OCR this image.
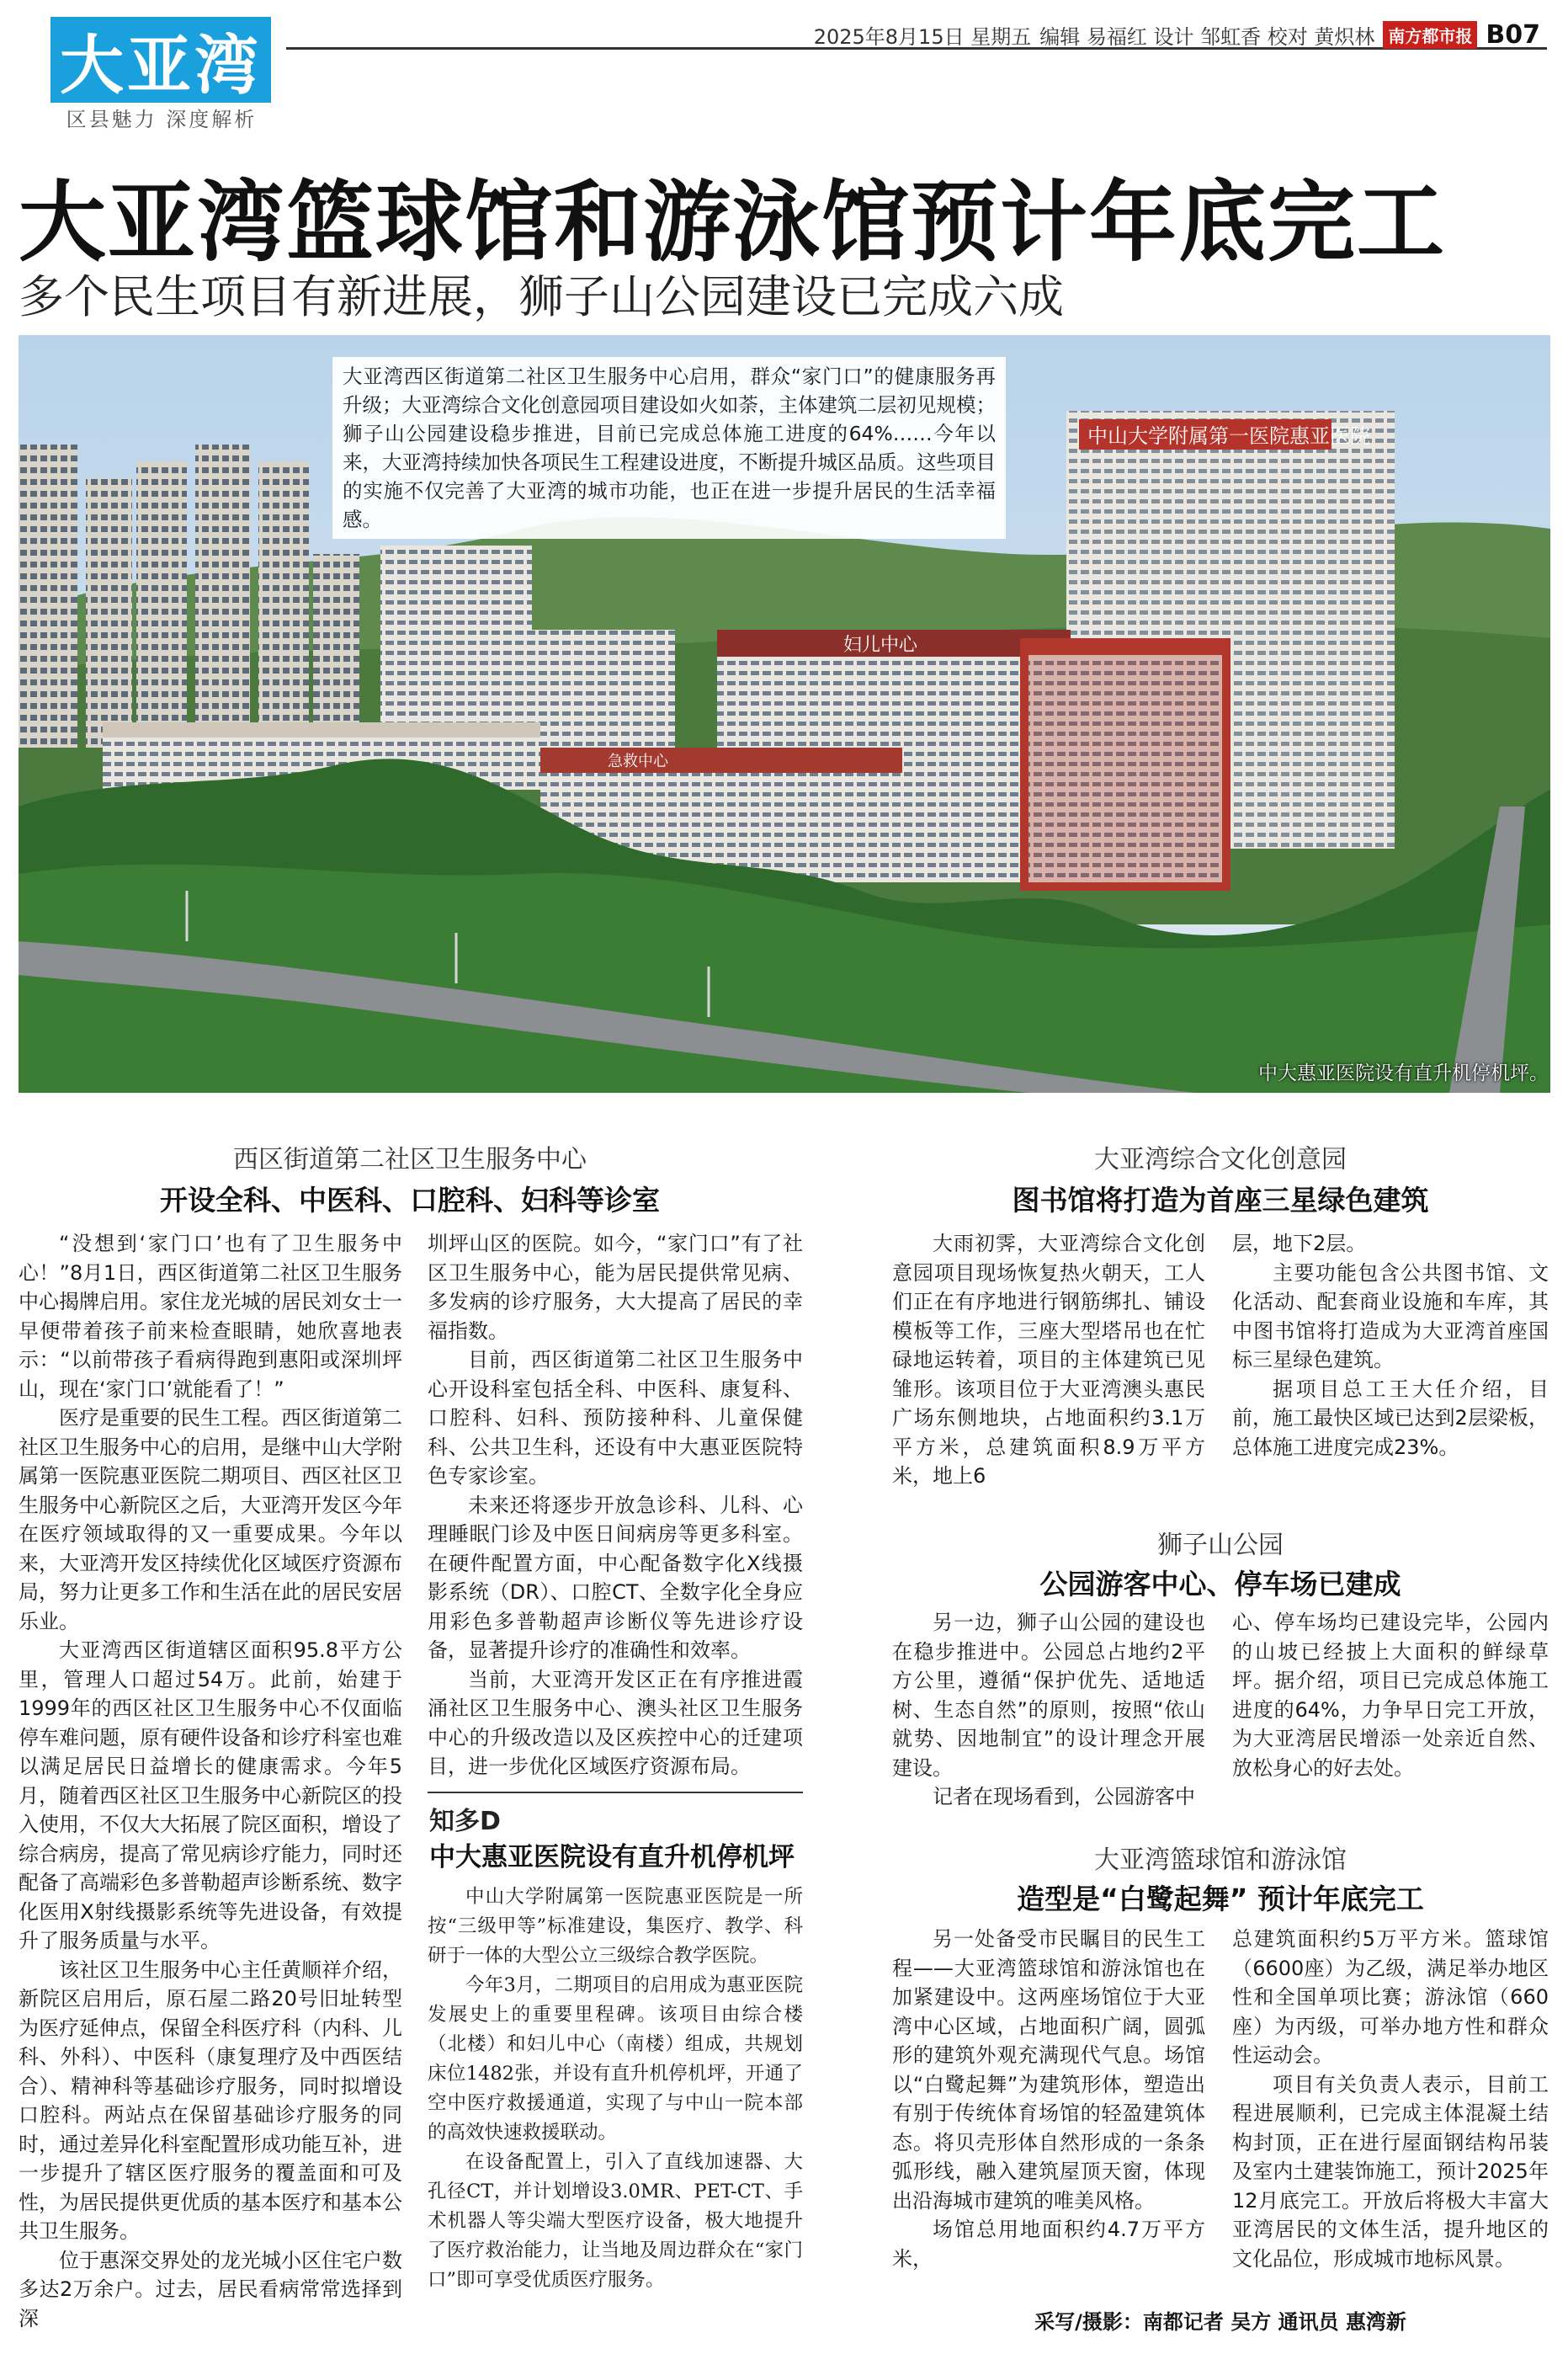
大亚湾
区县魅力 深度解析
2025年8月15日 星期五 编辑 易福红 设计 邹虹香 校对 黄炽林 南方都市报 B07
大亚湾篮球馆和游泳馆预计年底完工
多个民生项目有新进展，狮子山公园建设已完成六成
中山大学附属第一医院惠亚医院
妇儿中心
急救中心
大亚湾西区街道第二社区卫生服务中心启用，群众“家门口”的健康服务再升级；大亚湾综合文化创意园项目建设如火如荼，主体建筑二层初见规模；狮子山公园建设稳步推进，目前已完成总体施工进度的64%……今年以来，大亚湾持续加快各项民生工程建设进度，不断提升城区品质。这些项目的实施不仅完善了大亚湾的城市功能，也正在进一步提升居民的生活幸福感。
中大惠亚医院设有直升机停机坪。
西区街道第二社区卫生服务中心
开设全科、中医科、口腔科、妇科等诊室

“没想到‘家门口’也有了卫生服务中心！”8月1日，西区街道第二社区卫生服务中心揭牌启用。家住龙光城的居民刘女士一早便带着孩子前来检查眼睛，她欣喜地表示：“以前带孩子看病得跑到惠阳或深圳坪山，现在‘家门口’就能看了！”

医疗是重要的民生工程。西区街道第二社区卫生服务中心的启用，是继中山大学附属第一医院惠亚医院二期项目、西区社区卫生服务中心新院区之后，大亚湾开发区今年在医疗领域取得的又一重要成果。今年以来，大亚湾开发区持续优化区域医疗资源布局，努力让更多工作和生活在此的居民安居乐业。

大亚湾西区街道辖区面积95.8平方公里，管理人口超过54万。此前，始建于1999年的西区社区卫生服务中心不仅面临停车难问题，原有硬件设备和诊疗科室也难以满足居民日益增长的健康需求。今年5月，随着西区社区卫生服务中心新院区的投入使用，不仅大大拓展了院区面积，增设了综合病房，提高了常见病诊疗能力，同时还配备了高端彩色多普勒超声诊断系统、数字化医用X射线摄影系统等先进设备，有效提升了服务质量与水平。

该社区卫生服务中心主任黄顺祥介绍，新院区启用后，原石屋二路20号旧址转型为医疗延伸点，保留全科医疗科（内科、儿科、外科）、中医科（康复理疗及中西医结合）、精神科等基础诊疗服务，同时拟增设口腔科。两站点在保留基础诊疗服务的同时，通过差异化科室配置形成功能互补，进一步提升了辖区医疗服务的覆盖面和可及性，为居民提供更优质的基本医疗和基本公共卫生服务。

位于惠深交界处的龙光城小区住宅户数多达2万余户。过去，居民看病常常选择到深

圳坪山区的医院。如今，“家门口”有了社区卫生服务中心，能为居民提供常见病、多发病的诊疗服务，大大提高了居民的幸福指数。

目前，西区街道第二社区卫生服务中心开设科室包括全科、中医科、康复科、口腔科、妇科、预防接种科、儿童保健科、公共卫生科，还设有中大惠亚医院特色专家诊室。

未来还将逐步开放急诊科、儿科、心理睡眠门诊及中医日间病房等更多科室。在硬件配置方面，中心配备数字化X线摄影系统（DR）、口腔CT、全数字化全身应用彩色多普勒超声诊断仪等先进诊疗设备，显著提升诊疗的准确性和效率。

当前，大亚湾开发区正在有序推进霞涌社区卫生服务中心、澳头社区卫生服务中心的升级改造以及区疾控中心的迁建项目，进一步优化区域医疗资源布局。

知多D
中大惠亚医院设有直升机停机坪

中山大学附属第一医院惠亚医院是一所按“三级甲等”标准建设，集医疗、教学、科研于一体的大型公立三级综合教学医院。

今年3月，二期项目的启用成为惠亚医院发展史上的重要里程碑。该项目由综合楼（北楼）和妇儿中心（南楼）组成，共规划床位1482张，并设有直升机停机坪，开通了空中医疗救援通道，实现了与中山一院本部的高效快速救援联动。

在设备配置上，引入了直线加速器、大孔径CT，并计划增设3.0MR、PET-CT、手术机器人等尖端大型医疗设备，极大地提升了医疗救治能力，让当地及周边群众在“家门口”即可享受优质医疗服务。

大亚湾综合文化创意园
图书馆将打造为首座三星绿色建筑

大雨初霁，大亚湾综合文化创意园项目现场恢复热火朝天，工人们正在有序地进行钢筋绑扎、铺设模板等工作，三座大型塔吊也在忙碌地运转着，项目的主体建筑已见雏形。该项目位于大亚湾澳头惠民广场东侧地块，占地面积约3.1万平方米，总建筑面积8.9万平方米，地上6

层，地下2层。

主要功能包含公共图书馆、文化活动、配套商业设施和车库，其中图书馆将打造成为大亚湾首座国标三星绿色建筑。

据项目总工王大任介绍，目前，施工最快区域已达到2层梁板，总体施工进度完成23%。

狮子山公园
公园游客中心、停车场已建成

另一边，狮子山公园的建设也在稳步推进中。公园总占地约2平方公里，遵循“保护优先、适地适树、生态自然”的原则，按照“依山就势、因地制宜”的设计理念开展建设。

记者在现场看到，公园游客中

心、停车场均已建设完毕，公园内的山坡已经披上大面积的鲜绿草坪。据介绍，项目已完成总体施工进度的64%，力争早日完工开放，为大亚湾居民增添一处亲近自然、放松身心的好去处。

大亚湾篮球馆和游泳馆
造型是“白鹭起舞” 预计年底完工

另一处备受市民瞩目的民生工程——大亚湾篮球馆和游泳馆也在加紧建设中。这两座场馆位于大亚湾中心区域，占地面积广阔，圆弧形的建筑外观充满现代气息。场馆以“白鹭起舞”为建筑形体，塑造出有别于传统体育场馆的轻盈建筑体态。将贝壳形体自然形成的一条条弧形线，融入建筑屋顶天窗，体现出沿海城市建筑的唯美风格。

场馆总用地面积约4.7万平方米，

总建筑面积约5万平方米。篮球馆（6600座）为乙级，满足举办地区性和全国单项比赛；游泳馆（660座）为丙级，可举办地方性和群众性运动会。

项目有关负责人表示，目前工程进展顺利，已完成主体混凝土结构封顶，正在进行屋面钢结构吊装及室内土建装饰施工，预计2025年12月底完工。开放后将极大丰富大亚湾居民的文体生活，提升地区的文化品位，形成城市地标风景。

采写/摄影：南都记者 吴方 通讯员 惠湾新
